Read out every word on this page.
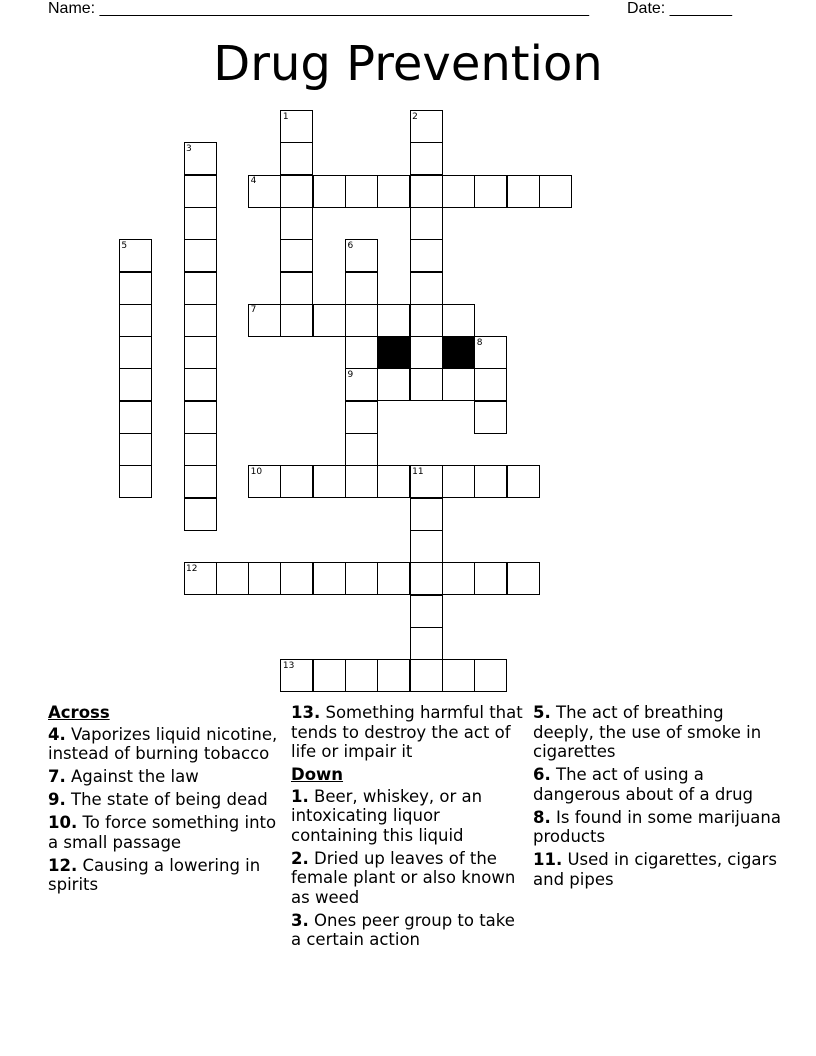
Name: _______________________________________________________ Date: _______
Drug Prevention
1	2
3
4
5	6
7
8
9
10	11
12
13
Across
4. Vaporizes liquid nicotine, instead of burning tobacco
7. Against the law
9. The state of being dead
10. To force something into a small passage
12. Causing a lowering in spirits
13. Something harmful that tends to destroy the act of life or impair it
Down
1. Beer, whiskey, or an intoxicating liquor containing this liquid
2. Dried up leaves of the female plant or also known as weed
3. Ones peer group to take a certain action
5. The act of breathing deeply, the use of smoke in cigarettes
6. The act of using a dangerous about of a drug
8. Is found in some marijuana products
11. Used in cigarettes, cigars and pipes
